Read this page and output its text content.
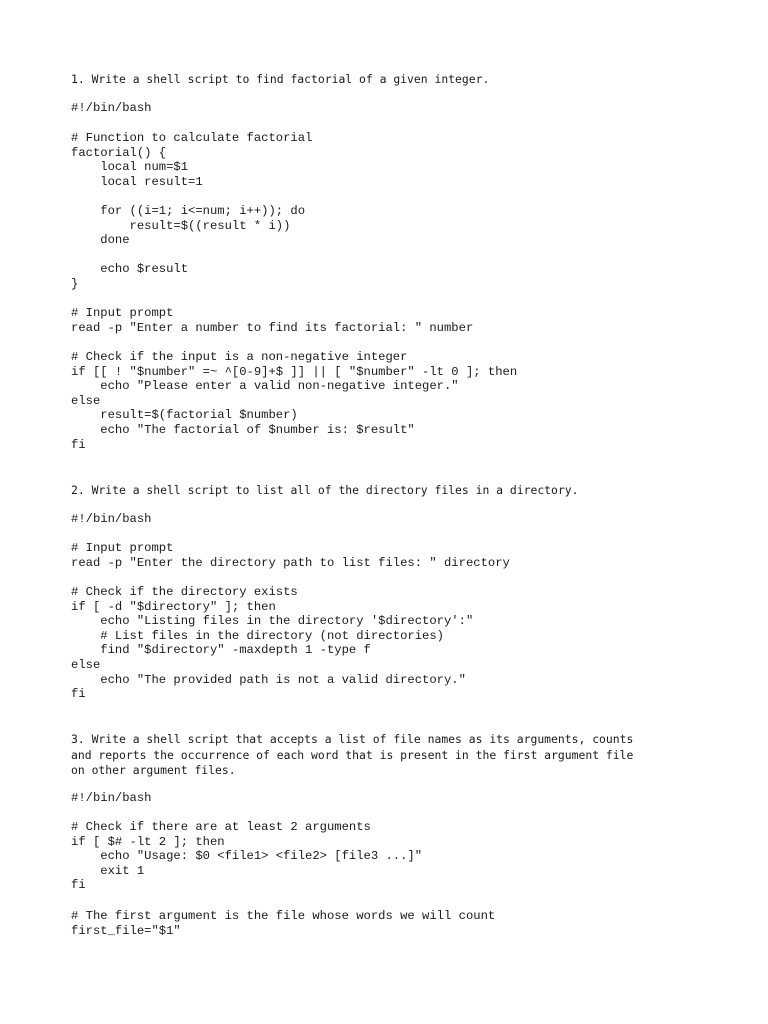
1. Write a shell script to find factorial of a given integer.
#!/bin/bash
# Function to calculate factorial
factorial() {
local num=$1
local result=1

for ((i=1; i<=num; i++)); do
result=$((result * i))
done

echo $result
}
# Input prompt
read -p "Enter a number to find its factorial: " number
# Check if the input is a non-negative integer
if [[ ! "$number" =~ ^[0-9]+$ ]] || [ "$number" -lt 0 ]; then
echo "Please enter a valid non-negative integer."
else
result=$(factorial $number)
echo "The factorial of $number is: $result"
fi
2. Write a shell script to list all of the directory files in a directory.
#!/bin/bash
# Input prompt
read -p "Enter the directory path to list files: " directory
# Check if the directory exists
if [ -d "$directory" ]; then
echo "Listing files in the directory '$directory':"
# List files in the directory (not directories)
find "$directory" -maxdepth 1 -type f
else
echo "The provided path is not a valid directory."
fi
3. Write a shell script that accepts a list of file names as its arguments, counts
and reports the occurrence of each word that is present in the first argument file
on other argument files.
#!/bin/bash
# Check if there are at least 2 arguments
if [ $# -lt 2 ]; then
echo "Usage: $0 <file1> <file2> [file3 ...]"
exit 1
fi
# The first argument is the file whose words we will count
first_file="$1"
